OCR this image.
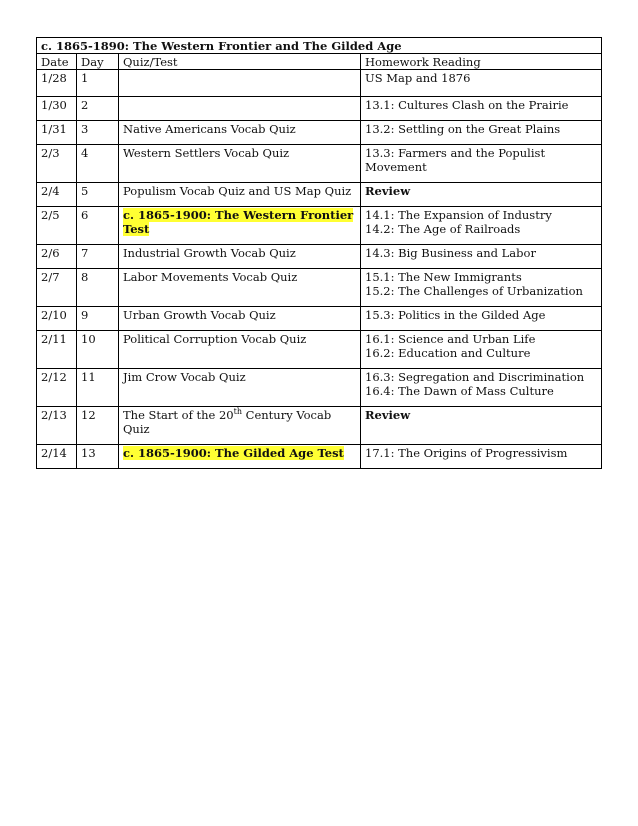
c. 1865-1890: The Western Frontier and The Gilded Age			
Date	Day	Quiz/Test	Homework Reading
1/28	1		US Map and 1876
1/30	2		13.1: Cultures Clash on the Prairie
1/31	3	Native Americans Vocab Quiz	13.2: Settling on the Great Plains
2/3	4	Western Settlers Vocab Quiz	13.3: Farmers and the Populist
Movement
2/4	5	Populism Vocab Quiz and US Map Quiz	Review
2/5	6	c. 1865-1900: The Western Frontier
Test	14.1: The Expansion of Industry
14.2: The Age of Railroads
2/6	7	Industrial Growth Vocab Quiz	14.3: Big Business and Labor
2/7	8	Labor Movements Vocab Quiz	15.1: The New Immigrants
15.2: The Challenges of Urbanization
2/10	9	Urban Growth Vocab Quiz	15.3: Politics in the Gilded Age
2/11	10	Political Corruption Vocab Quiz	16.1: Science and Urban Life
16.2: Education and Culture
2/12	11	Jim Crow Vocab Quiz	16.3: Segregation and Discrimination
16.4: The Dawn of Mass Culture
2/13	12	The Start of the 20th Century Vocab Quiz	Review
2/14	13	c. 1865-1900: The Gilded Age Test	17.1: The Origins of Progressivism
